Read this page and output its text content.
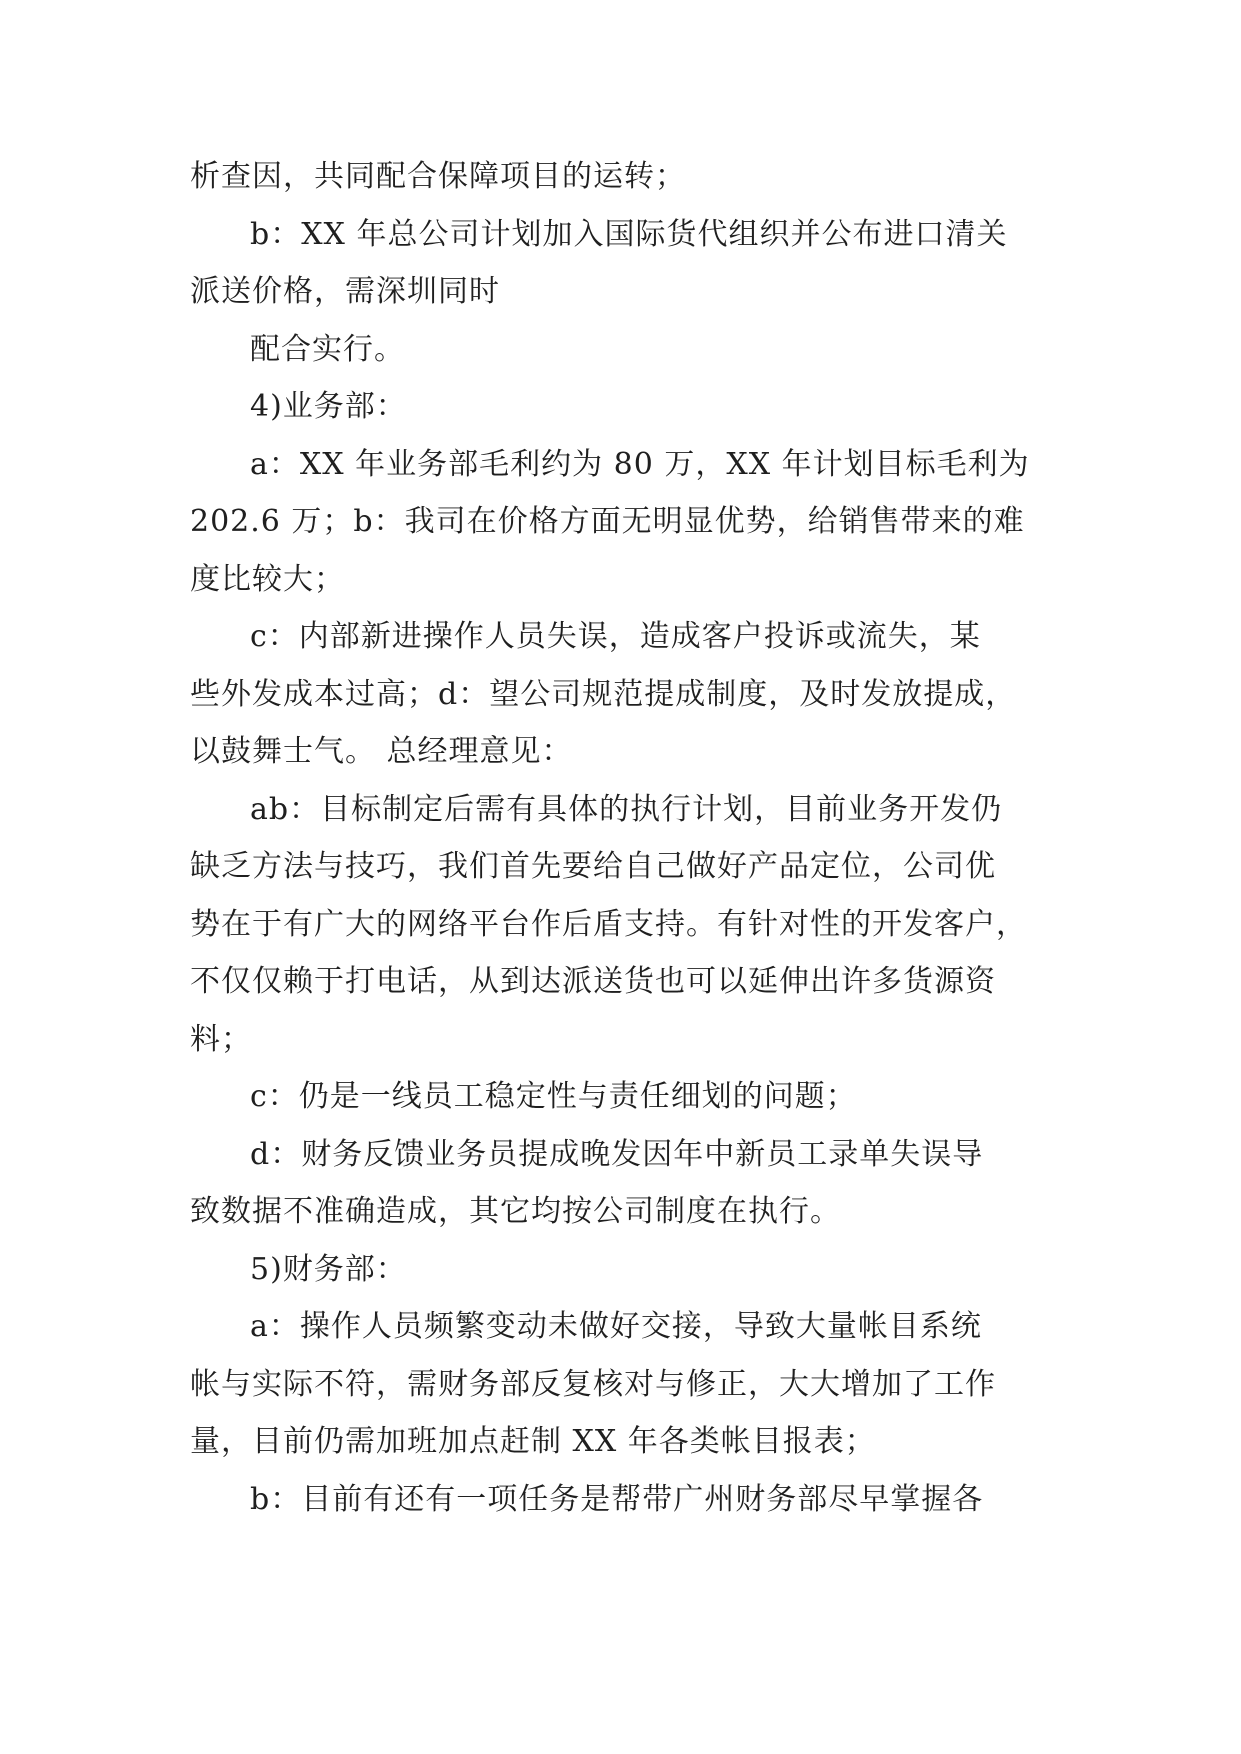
析查因，共同配合保障项目的运转；

b：XX 年总公司计划加入国际货代组织并公布进口清关

派送价格，需深圳同时

配合实行。

4)业务部：

a：XX 年业务部毛利约为 80 万，XX 年计划目标毛利为

202.6 万；b：我司在价格方面无明显优势，给销售带来的难

度比较大；

c：内部新进操作人员失误，造成客户投诉或流失，某

些外发成本过高；d：望公司规范提成制度，及时发放提成，

以鼓舞士气。 总经理意见：

ab：目标制定后需有具体的执行计划，目前业务开发仍

缺乏方法与技巧，我们首先要给自己做好产品定位，公司优

势在于有广大的网络平台作后盾支持。有针对性的开发客户，

不仅仅赖于打电话，从到达派送货也可以延伸出许多货源资

料；

c：仍是一线员工稳定性与责任细划的问题；

d：财务反馈业务员提成晚发因年中新员工录单失误导

致数据不准确造成，其它均按公司制度在执行。

5)财务部：

a：操作人员频繁变动未做好交接，导致大量帐目系统

帐与实际不符，需财务部反复核对与修正，大大增加了工作

量，目前仍需加班加点赶制 XX 年各类帐目报表；

b：目前有还有一项任务是帮带广州财务部尽早掌握各
